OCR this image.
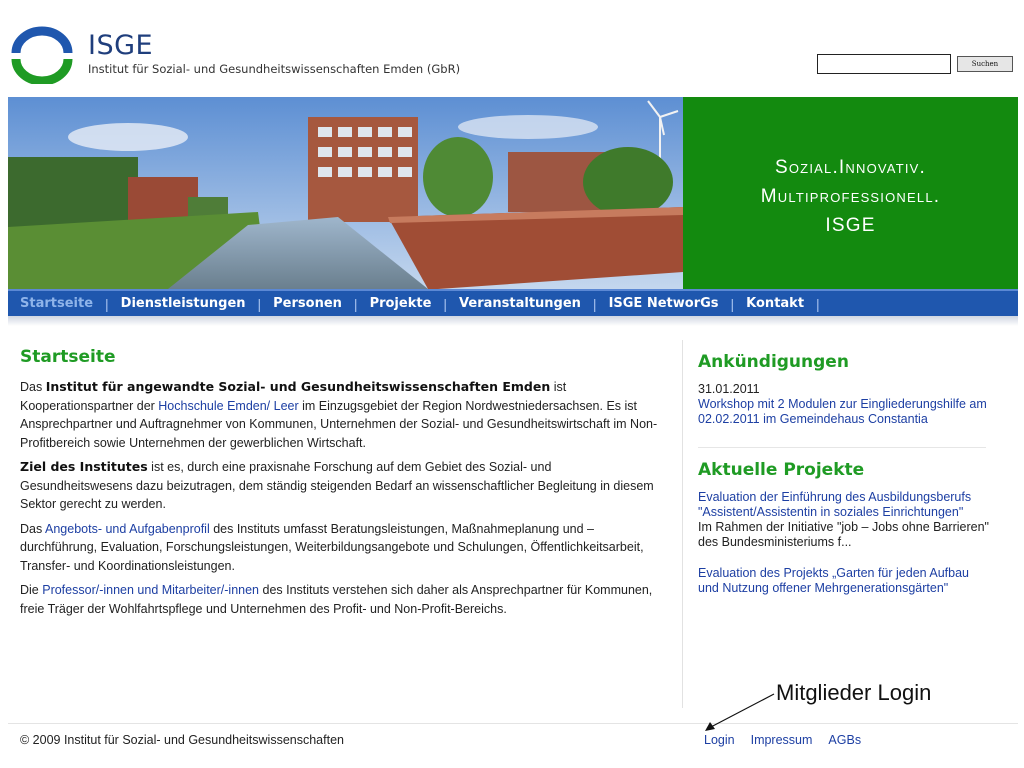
ISGE
Institut für Sozial- und Gesundheitswissenschaften Emden (GbR)	Suchen
Sozial.Innovativ.
Multiprofessionell.
ISGE
Startseite | Dienstleistungen | Personen | Projekte | Veranstaltungen | ISGE NetworGs | Kontakt |
Startseite

Das Institut für angewandte Sozial- und Gesundheitswissenschaften Emden ist Kooperationspartner der Hochschule Emden/ Leer im Einzugsgebiet der Region Nordwestniedersachsen. Es ist Ansprechpartner und Auftragnehmer von Kommunen, Unternehmen der Sozial- und Gesundheitswirtschaft im Non-Profitbereich sowie Unternehmen der gewerblichen Wirtschaft.

Ziel des Institutes ist es, durch eine praxisnahe Forschung auf dem Gebiet des Sozial- und Gesundheitswesens dazu beizutragen, dem ständig steigenden Bedarf an wissenschaftlicher Begleitung in diesem Sektor gerecht zu werden.

Das Angebots- und Aufgabenprofil des Instituts umfasst Beratungsleistungen, Maßnahmeplanung und –durchführung, Evaluation, Forschungsleistungen, Weiterbildungsangebote und Schulungen, Öffentlichkeitsarbeit, Transfer- und Koordinationsleistungen.

Die Professor/-innen und Mitarbeiter/-innen des Instituts verstehen sich daher als Ansprechpartner für Kommunen, freie Träger der Wohlfahrtspflege und Unternehmen des Profit- und Non-Profit-Bereichs.

Ankündigungen
31.01.2011
Workshop mit 2 Modulen zur Eingliederungshilfe am 02.02.2011 im Gemeindehaus Constantia
Aktuelle Projekte
Evaluation der Einführung des Ausbildungsberufs "Assistent/Assistentin in soziales Einrichtungen"
Im Rahmen der Initiative "job – Jobs ohne Barrieren" des Bundesministeriums f...
Evaluation des Projekts „Garten für jeden Aufbau und Nutzung offener Mehrgenerationsgärten"
© 2009 Institut für Sozial- und Gesundheitswissenschaften	Login Impressum AGBs
Mitglieder Login
